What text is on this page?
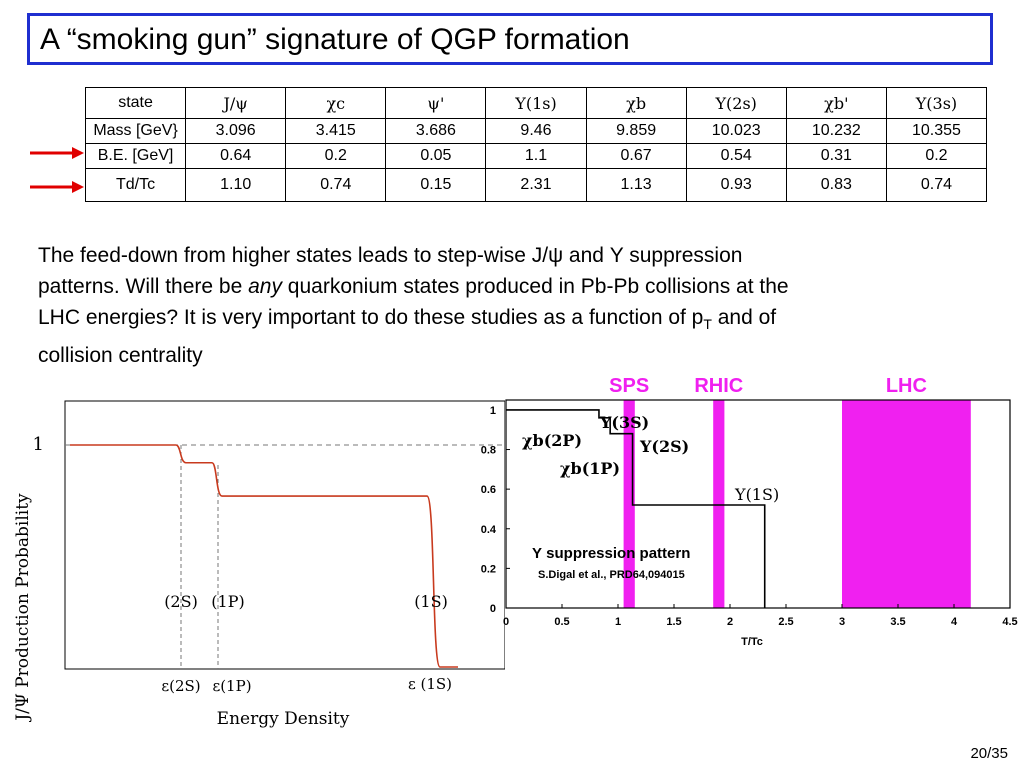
A “smoking gun” signature of QGP formation
state	J/ψ	χc	ψ'	Υ(1s)	χb	Υ(2s)	χb'	Υ(3s)
Mass [GeV}	3.096	3.415	3.686	9.46	9.859	10.023	10.232	10.355
B.E. [GeV]	0.64	0.2	0.05	1.1	0.67	0.54	0.31	0.2
Td/Tc	1.10	0.74	0.15	2.31	1.13	0.93	0.83	0.74

The feed-down from higher states leads to step-wise J/ψ and Υ suppression

patterns. Will there be any quarkonium states produced in Pb-Pb collisions at the

LHC energies? It is very important to do these studies as a function of $p_T$ and of

collision centrality

1
J/Ψ Production Probability	(2S) (1P)	(1S)
ε(2S) ε(1P)	ε (1S)
Energy Density
SPS RHIC	LHC
0	0.5	1	1.5	2	2.5	3	3.5	4	4.5
0
0.2
0.4
0.6
0.8
1
Υ(3S)
χb(2P)	Υ(2S)
χb(1P)
Υ(1S)
Υ suppression pattern
S.Digal et al., PRD64,094015
T/Tc
20/35
